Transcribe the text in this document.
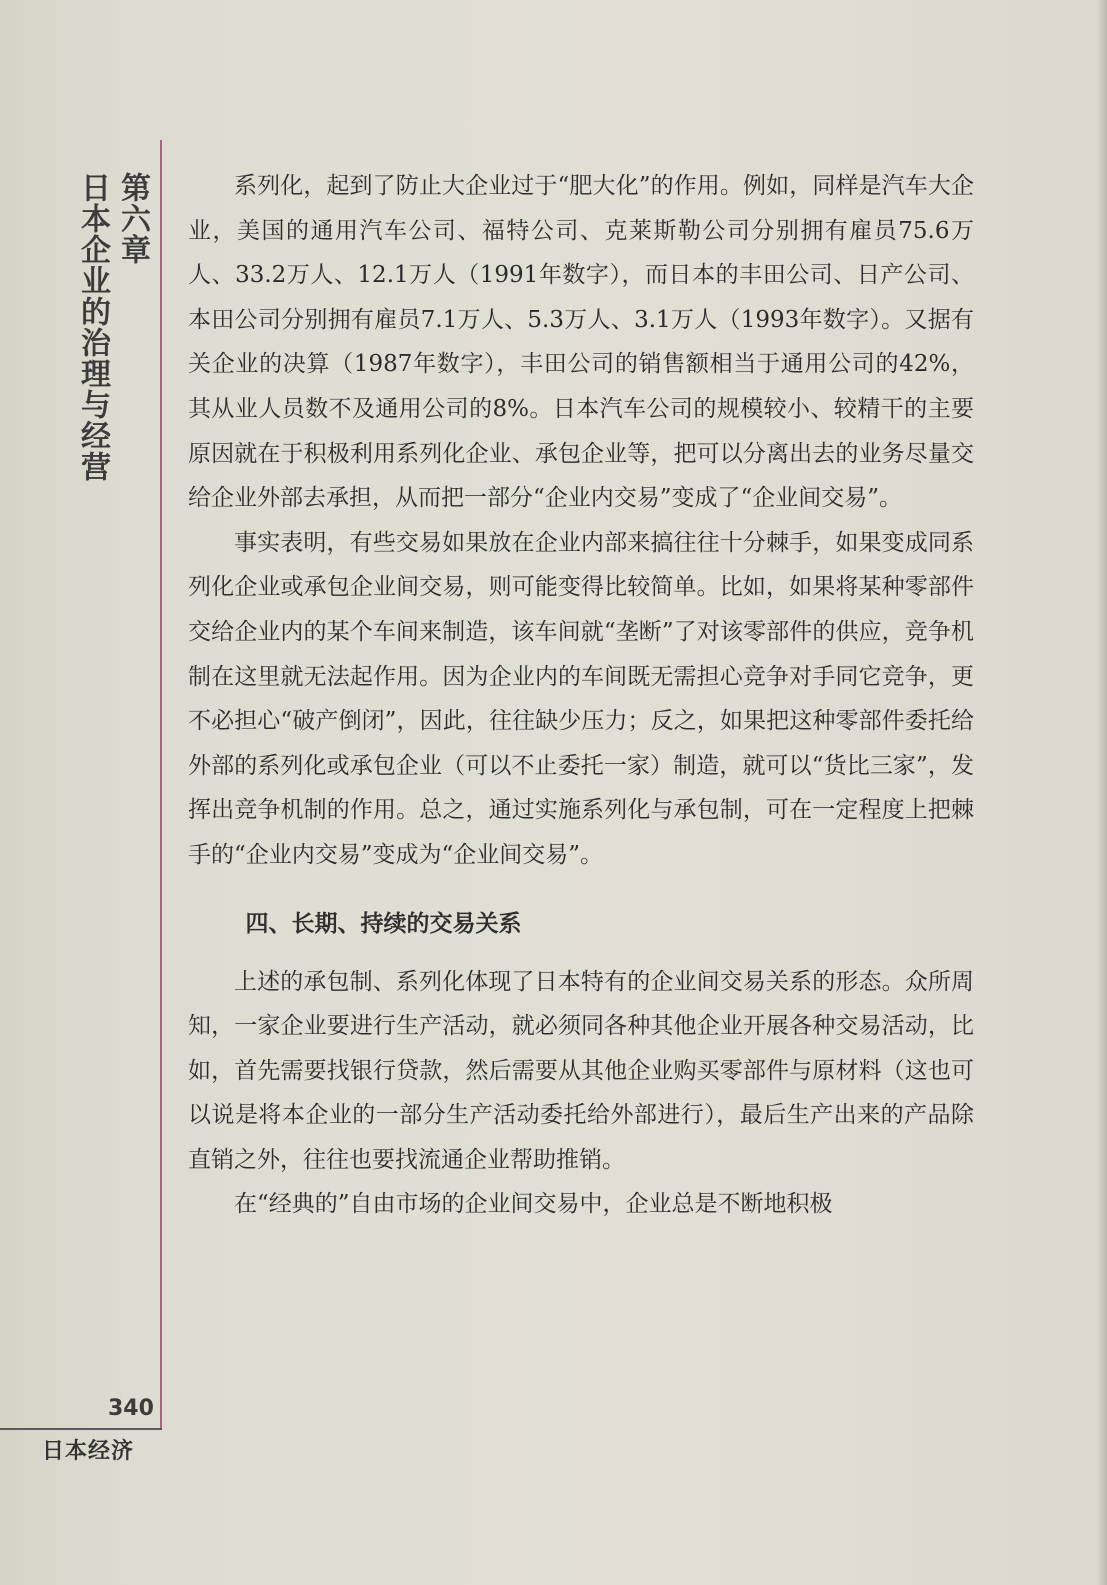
第六章
日本企业的治理与经营
340
日本经济

系列化，起到了防止大企业过于“肥大化”的作用。例如，同样是汽车大企业，美国的通用汽车公司、福特公司、克莱斯勒公司分别拥有雇员75.6万人、33.2万人、12.1万人（1991年数字），而日本的丰田公司、日产公司、本田公司分别拥有雇员7.1万人、5.3万人、3.1万人（1993年数字）。又据有关企业的决算（1987年数字），丰田公司的销售额相当于通用公司的42%，其从业人员数不及通用公司的8%。日本汽车公司的规模较小、较精干的主要原因就在于积极利用系列化企业、承包企业等，把可以分离出去的业务尽量交给企业外部去承担，从而把一部分“企业内交易”变成了“企业间交易”。

事实表明，有些交易如果放在企业内部来搞往往十分棘手，如果变成同系列化企业或承包企业间交易，则可能变得比较简单。比如，如果将某种零部件交给企业内的某个车间来制造，该车间就“垄断”了对该零部件的供应，竞争机制在这里就无法起作用。因为企业内的车间既无需担心竞争对手同它竞争，更不必担心“破产倒闭”，因此，往往缺少压力；反之，如果把这种零部件委托给外部的系列化或承包企业（可以不止委托一家）制造，就可以“货比三家”，发挥出竞争机制的作用。总之，通过实施系列化与承包制，可在一定程度上把棘手的“企业内交易”变成为“企业间交易”。

四、长期、持续的交易关系

上述的承包制、系列化体现了日本特有的企业间交易关系的形态。众所周知，一家企业要进行生产活动，就必须同各种其他企业开展各种交易活动，比如，首先需要找银行贷款，然后需要从其他企业购买零部件与原材料（这也可以说是将本企业的一部分生产活动委托给外部进行），最后生产出来的产品除直销之外，往往也要找流通企业帮助推销。

在“经典的”自由市场的企业间交易中，企业总是不断地积极
